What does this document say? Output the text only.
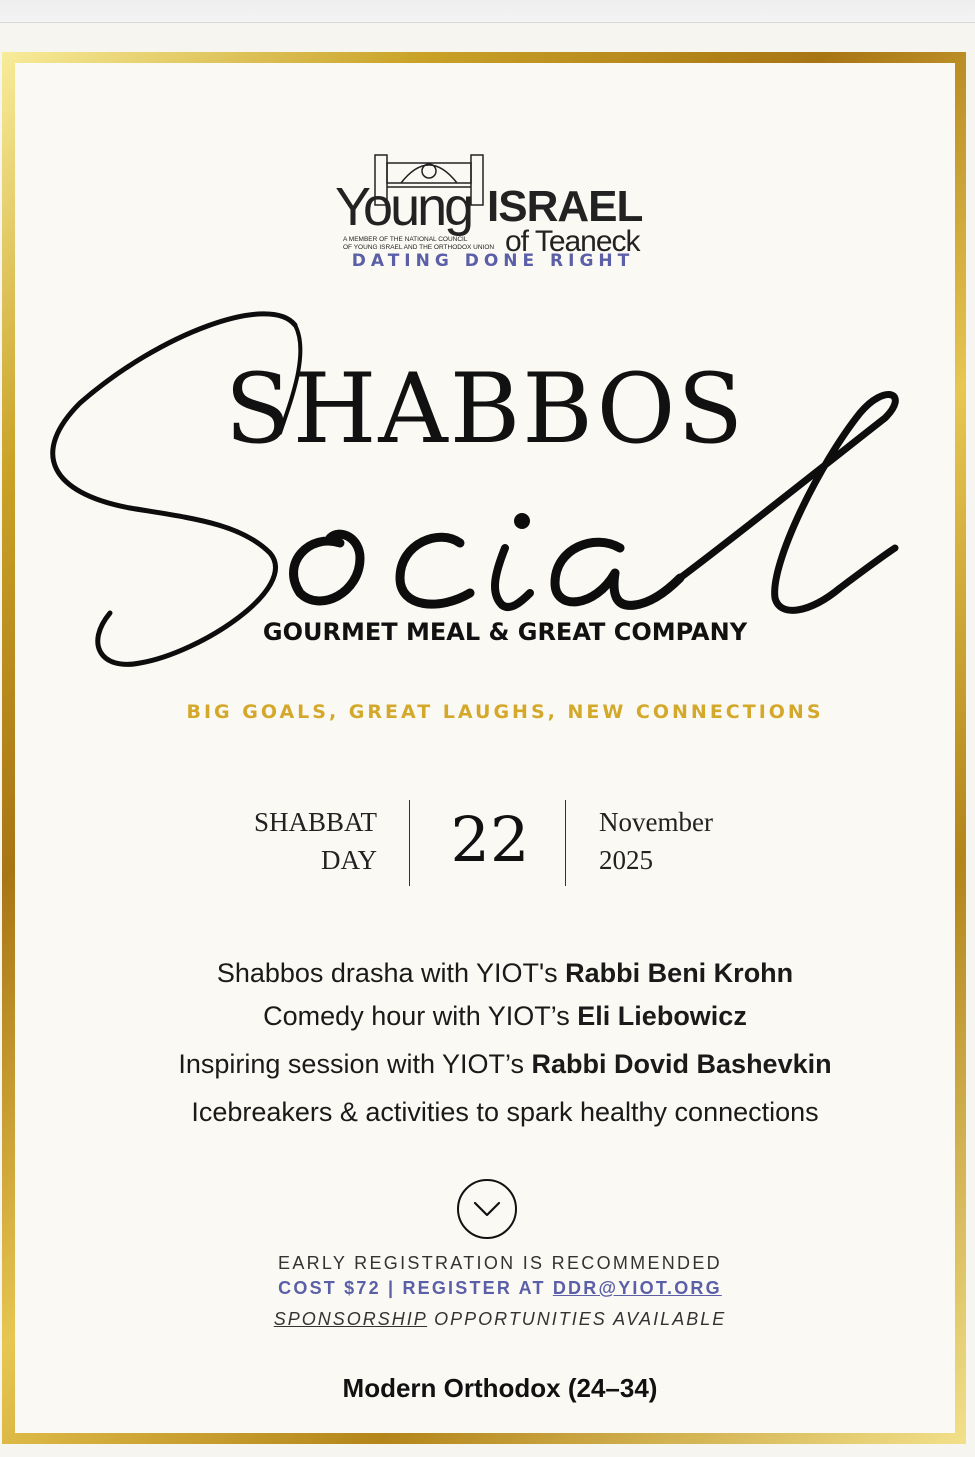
Young ISRAEL
of Teaneck
A MEMBER OF THE NATIONAL COUNCIL
OF YOUNG ISRAEL AND THE ORTHODOX UNION
DATING DONE RIGHT
SHABBOS
GOURMET MEAL & GREAT COMPANY
BIG GOALS, GREAT LAUGHS, NEW CONNECTIONS
SHABBAT
DAY	22	November
2025
Shabbos drasha with YIOT's Rabbi Beni Krohn
Comedy hour with YIOT’s Eli Liebowicz
Inspiring session with YIOT’s Rabbi Dovid Bashevkin
Icebreakers & activities to spark healthy connections
EARLY REGISTRATION IS RECOMMENDED
COST $72 | REGISTER AT DDR@YIOT.ORG
SPONSORSHIP OPPORTUNITIES AVAILABLE
Modern Orthodox (24–34)
